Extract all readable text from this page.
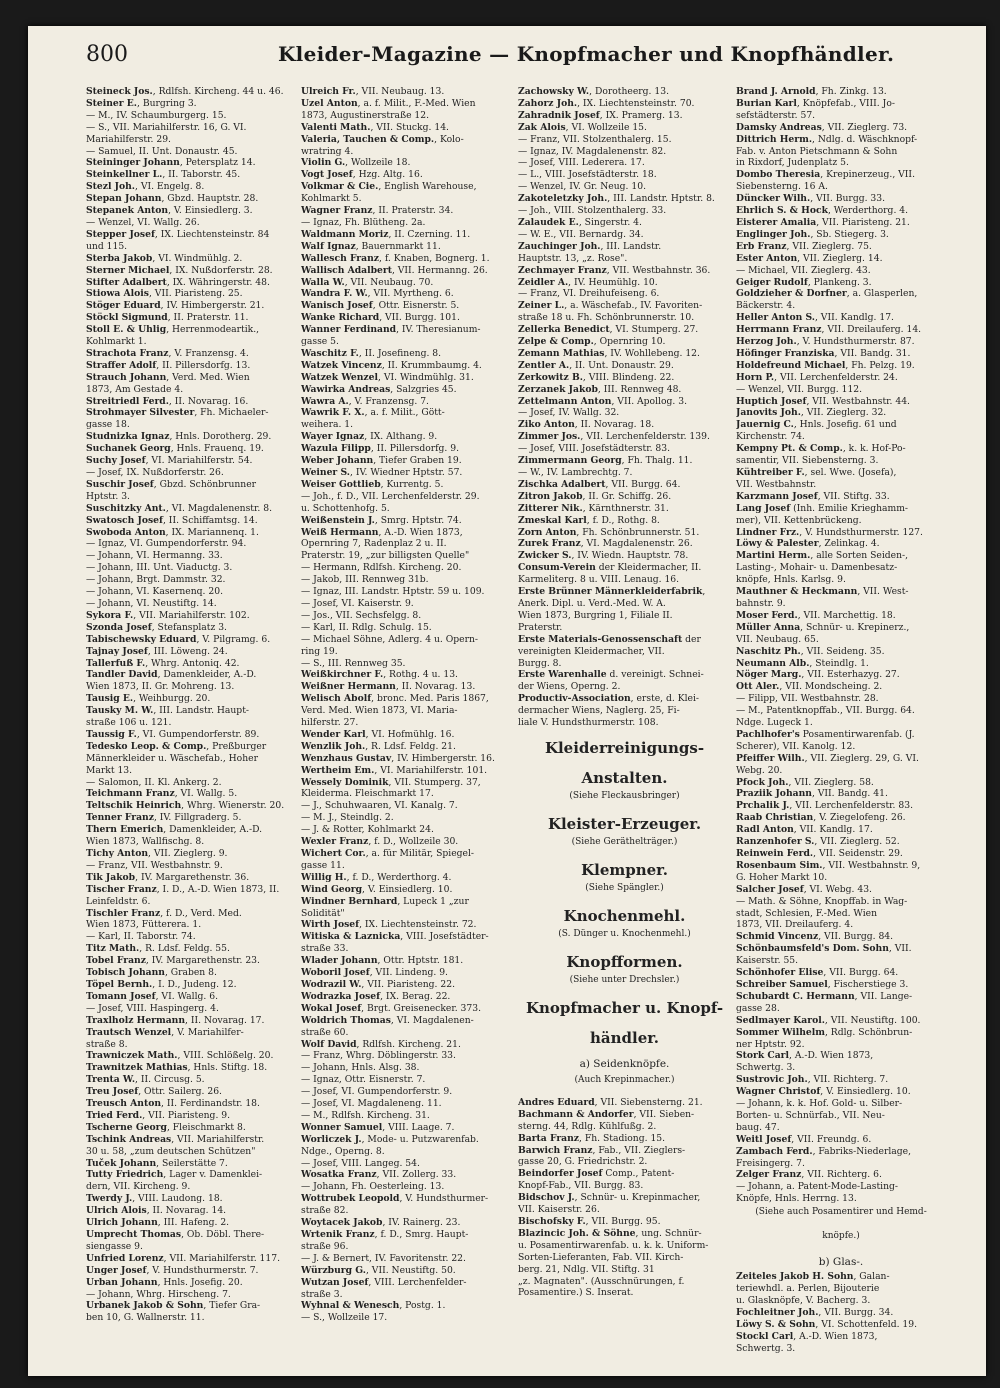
800	Kleider-Magazine — Knopfmacher und Knopfhändler.
Steineck Jos., Rdlfsh. Kircheng. 44 u. 46.
Steiner E., Burgring 3.
— M., IV. Schaumburgerg. 15.
— S., VII. Mariahilferstr. 16, G. VI.
Mariahilferstr. 29.
— Samuel, II. Unt. Donaustr. 45.
Steininger Johann, Petersplatz 14.
Steinkellner L., II. Taborstr. 45.
Stezl Joh., VI. Engelg. 8.
Stepan Johann, Gbzd. Hauptstr. 28.
Stepanek Anton, V. Einsiedlerg. 3.
— Wenzel, VI. Wallg. 26.
Stepper Josef, IX. Liechtensteinstr. 84
und 115.
Sterba Jakob, VI. Windmühlg. 2.
Sterner Michael, IX. Nußdorferstr. 28.
Stifter Adalbert, IX. Währingerstr. 48.
Stiowa Alois, VII. Piaristeng. 25.
Stöger Eduard, IV. Himbergerstr. 21.
Stöckl Sigmund, II. Praterstr. 11.
Stoll E. & Uhlig, Herrenmodeartik.,
Kohlmarkt 1.
Strachota Franz, V. Franzensg. 4.
Straffer Adolf, II. Pillersdorfg. 13.
Strauch Johann, Verd. Med. Wien
1873, Am Gestade 4.
Streitriedl Ferd., II. Novarag. 16.
Strohmayer Silvester, Fh. Michaeler-
gasse 18.
Studnizka Ignaz, Hnls. Dorotherg. 29.
Suchanek Georg, Hnls. Frauenq. 19.
Suchy Josef, VI. Mariahilferstr. 54.
— Josef, IX. Nußdorferstr. 26.
Suschir Josef, Gbzd. Schönbrunner
Hptstr. 3.
Suschitzky Ant., VI. Magdalenenstr. 8.
Swatosch Josef, II. Schiffamtsg. 14.
Swoboda Anton, IX. Mariannenq. 1.
— Ignaz, VI. Gumpendorferstr. 94.
— Johann, VI. Hermanng. 33.
— Johann, III. Unt. Viaductg. 3.
— Johann, Brgt. Dammstr. 32.
— Johann, VI. Kasernenq. 20.
— Johann, VI. Neustiftg. 14.
Sykora F., VII. Mariahilferstr. 102.
Szonda Josef, Stefansplatz 3.
Tabischewsky Eduard, V. Pilgramg. 6.
Tajnay Josef, III. Löweng. 24.
Tallerfuß F., Whrg. Antoniq. 42.
Tandler David, Damenkleider, A.-D.
Wien 1873, II. Gr. Mohreng. 13.
Tausig E., Weihburgg. 20.
Tausky M. W., III. Landstr. Haupt-
straße 106 u. 121.
Taussig F., VI. Gumpendorferstr. 89.
Tedesko Leop. & Comp., Preßburger
Männerkleider u. Wäschefab., Hoher
Markt 13.
— Salomon, II. Kl. Ankerg. 2.
Teichmann Franz, VI. Wallg. 5.
Teltschik Heinrich, Whrg. Wienerstr. 20.
Tenner Franz, IV. Fillgraderg. 5.
Thern Emerich, Damenkleider, A.-D.
Wien 1873, Wallfischg. 8.
Tichy Anton, VII. Zieglerg. 9.
— Franz, VII. Westbahnstr. 9.
Tik Jakob, IV. Margarethenstr. 36.
Tischer Franz, I. D., A.-D. Wien 1873, II.
Leinfeldstr. 6.
Tischler Franz, f. D., Verd. Med.
Wien 1873, Fütterera. 1.
— Karl, II. Taborstr. 74.
Titz Math., R. Ldsf. Feldg. 55.
Tobel Franz, IV. Margarethenstr. 23.
Tobisch Johann, Graben 8.
Töpel Bernh., I. D., Judeng. 12.
Tomann Josef, VI. Wallg. 6.
— Josef, VIII. Haspingerg. 4.
Traxlholz Hermann, II. Novarag. 17.
Trautsch Wenzel, V. Mariahilfer-
straße 8.
Trawniczek Math., VIII. Schlößelg. 20.
Trawnitzek Mathias, Hnls. Stiftg. 18.
Trenta W., II. Circusg. 5.
Treu Josef, Ottr. Sailerg. 26.
Treusch Anton, II. Ferdinandstr. 18.
Tried Ferd., VII. Piaristeng. 9.
Tscherne Georg, Fleischmarkt 8.
Tschink Andreas, VII. Mariahilferstr.
30 u. 58, „zum deutschen Schützen"
Tuček Johann, Seilerstätte 7.
Tutty Friedrich, Lager v. Damenklei-
dern, VII. Kircheng. 9.
Twerdy J., VIII. Laudong. 18.
Ulrich Alois, II. Novarag. 14.
Ulrich Johann, III. Hafeng. 2.
Umprecht Thomas, Ob. Döbl. There-
siengasse 9.
Unfried Lorenz, VII. Mariahilferstr. 117.
Unger Josef, V. Hundsthurmerstr. 7.
Urban Johann, Hnls. Josefig. 20.
— Johann, Whrg. Hirscheng. 7.
Urbanek Jakob & Sohn, Tiefer Gra-
ben 10, G. Wallnerstr. 11.
Ulreich Fr., VII. Neubaug. 13.
Uzel Anton, a. f. Milit., F.-Med. Wien
1873, Augustinerstraße 12.
Valenti Math., VII. Stuckg. 14.
Valeria, Tauchen & Comp., Kolo-
wratring 4.
Violin G., Wollzeile 18.
Vogt Josef, Hzg. Altg. 16.
Volkmar & Cie., English Warehouse,
Kohlmarkt 5.
Wagner Franz, II. Praterstr. 34.
— Ignaz, Fh. Blütheng. 2a.
Waldmann Moriz, II. Czerning. 11.
Walf Ignaz, Bauernmarkt 11.
Wallesch Franz, f. Knaben, Bognerg. 1.
Wallisch Adalbert, VII. Hermanng. 26.
Walla W., VII. Neubaug. 70.
Wandra F. W., VII. Myrtheng. 6.
Wanisch Josef, Ottr. Eisnerstr. 5.
Wanke Richard, VII. Burgg. 101.
Wanner Ferdinand, IV. Theresianum-
gasse 5.
Waschitz F., II. Josefineng. 8.
Watzek Vincenz, II. Krummbaumg. 4.
Watzek Wenzel, VI. Windmühlg. 31.
Wawirka Andreas, Salzgries 45.
Wawra A., V. Franzensg. 7.
Wawrik F. X., a. f. Milit., Gött-
weihera. 1.
Wayer Ignaz, IX. Althang. 9.
Wazula Filipp, II. Pillersdorfg. 9.
Weber Johann, Tiefer Graben 19.
Weiner S., IV. Wiedner Hptstr. 57.
Weiser Gottlieb, Kurrentg. 5.
— Joh., f. D., VII. Lerchenfelderstr. 29.
u. Schottenhofg. 5.
Weißenstein J., Smrg. Hptstr. 74.
Weiß Hermann, A.-D. Wien 1873,
Opernring 7, Radenplaz 2 u. II.
Praterstr. 19, „zur billigsten Quelle"
— Hermann, Rdlfsh. Kircheng. 20.
— Jakob, III. Rennweg 31b.
— Ignaz, III. Landstr. Hptstr. 59 u. 109.
— Josef, VI. Kaiserstr. 9.
— Jos., VII. Sechsfelgg. 8.
— Karl, II. Rdlg. Schulg. 15.
— Michael Söhne, Adlerg. 4 u. Opern-
ring 19.
— S., III. Rennweg 35.
Weißkirchner F., Rothg. 4 u. 13.
Weißner Hermann, II. Novarag. 13.
Welisch Abolf, bronc. Med. Paris 1867,
Verd. Med. Wien 1873, VI. Maria-
hilferstr. 27.
Wender Karl, VI. Hofmühlg. 16.
Wenzlik Joh., R. Ldsf. Feldg. 21.
Wenzhaus Gustav, IV. Himbergerstr. 16.
Wertheim Em., VI. Mariahilferstr. 101.
Wessely Dominik, VII. Stumperg. 37,
Kleiderma. Fleischmarkt 17.
— J., Schuhwaaren, VI. Kanalg. 7.
— M. J., Steindlg. 2.
— J. & Rotter, Kohlmarkt 24.
Wexler Franz, f. D., Wollzeile 30.
Wichert Cor., a. für Militär, Spiegel-
gasse 11.
Willig H., f. D., Werderthorg. 4.
Wind Georg, V. Einsiedlerg. 10.
Windner Bernhard, Lupeck 1 „zur
Solidität"
Wirth Josef, IX. Liechtensteinstr. 72.
Witiska & Laznicka, VIII. Josefstädter-
straße 33.
Wlader Johann, Ottr. Hptstr. 181.
Woboril Josef, VII. Lindeng. 9.
Wodrazil W., VII. Piaristeng. 22.
Wodrazka Josef, IX. Berag. 22.
Wokal Josef, Brgt. Greisenecker. 373.
Woldrich Thomas, VI. Magdalenen-
straße 60.
Wolf David, Rdlfsh. Kircheng. 21.
— Franz, Whrg. Döblingerstr. 33.
— Johann, Hnls. Alsg. 38.
— Ignaz, Ottr. Eisnerstr. 7.
— Josef, VI. Gumpendorferstr. 9.
— Josef, VI. Magdaleneng. 11.
— M., Rdlfsh. Kircheng. 31.
Wonner Samuel, VIII. Laage. 7.
Worliczek J., Mode- u. Putzwarenfab.
Ndge., Operng. 8.
— Josef, VIII. Langeg. 54.
Wosatka Franz, VII. Zollerg. 33.
— Johann, Fh. Oesterleing. 13.
Wottrubek Leopold, V. Hundsthurmer-
straße 82.
Woytacek Jakob, IV. Rainerg. 23.
Wrtenik Franz, f. D., Smrg. Haupt-
straße 96.
— J. & Bernert, IV. Favoritenstr. 22.
Würzburg G., VII. Neustiftg. 50.
Wutzan Josef, VIII. Lerchenfelder-
straße 3.
Wyhnal & Wenesch, Postg. 1.
— S., Wollzeile 17.
Zachowsky W., Dorotheerg. 13.
Zahorz Joh., IX. Liechtensteinstr. 70.
Zahradnik Josef, IX. Pramerg. 13.
Zak Alois, VI. Wollzeile 15.
— Franz, VII. Stolzenthalerg. 15.
— Ignaz, IV. Magdalenenstr. 82.
— Josef, VIII. Lederera. 17.
— L., VIII. Josefstädterstr. 18.
— Wenzel, IV. Gr. Neug. 10.
Zakoteletzky Joh., III. Landstr. Hptstr. 8.
— Joh., VIII. Stolzenthalerg. 33.
Zalaudek E., Singerstr. 4.
— W. E., VII. Bernardg. 34.
Zauchinger Joh., III. Landstr.
Hauptstr. 13, „z. Rose".
Zechmayer Franz, VII. Westbahnstr. 36.
Zeidler A., IV. Heumühlg. 10.
— Franz, VI. Dreihufeiseng. 6.
Zeiner L., a. Wäschefab., IV. Favoriten-
straße 18 u. Fh. Schönbrunnerstr. 10.
Zellerka Benedict, VI. Stumperg. 27.
Zelpe & Comp., Opernring 10.
Zemann Mathias, IV. Wohllebeng. 12.
Zentler A., II. Unt. Donaustr. 29.
Zerkowitz B., VIII. Blindeng. 22.
Zerzanek Jakob, III. Rennweg 48.
Zettelmann Anton, VII. Apollog. 3.
— Josef, IV. Wallg. 32.
Ziko Anton, II. Novarag. 18.
Zimmer Jos., VII. Lerchenfelderstr. 139.
— Josef, VIII. Josefstädterstr. 83.
Zimmermann Georg, Fh. Thalg. 11.
— W., IV. Lambrechtg. 7.
Zischka Adalbert, VII. Burgg. 64.
Zitron Jakob, II. Gr. Schiffg. 26.
Zitterer Nik., Kärnthnerstr. 31.
Zmeskal Karl, f. D., Rothg. 8.
Zorn Anton, Fh. Schönbrunnerstr. 51.
Zurek Franz, VI. Magdalenenstr. 26.
Zwicker S., IV. Wiedn. Hauptstr. 78.
Consum-Verein der Kleidermacher, II.
Karmeliterg. 8 u. VIII. Lenaug. 16.
Erste Brünner Männerkleiderfabrik,
Anerk. Dipl. u. Verd.-Med. W. A.
Wien 1873, Burgring 1, Filiale II.
Praterstr.
Erste Materials-Genossenschaft der
vereinigten Kleidermacher, VII.
Burgg. 8.
Erste Warenhalle d. vereinigt. Schnei-
der Wiens, Operng. 2.
Productiv-Association, erste, d. Klei-
dermacher Wiens, Naglerg. 25, Fi-
liale V. Hundsthurmerstr. 108.
Kleiderreinigungs-
Anstalten.
(Siehe Fleckausbringer)
Kleister-Erzeuger.
(Siehe Geräthelträger.)
Klempner.
(Siehe Spängler.)
Knochenmehl.
(S. Dünger u. Knochenmehl.)
Knopfformen.
(Siehe unter Drechsler.)
Knopfmacher u. Knopf-
händler.
a) Seidenknöpfe.
(Auch Krepinmacher.)
Andres Eduard, VII. Siebensterng. 21.
Bachmann & Andorfer, VII. Sieben-
sterng. 44, Rdlg. Kühlfußg. 2.
Barta Franz, Fh. Stadiong. 15.
Barwich Franz, Fab., VII. Zieglers-
gasse 20, G. Friedrichstr. 2.
Beindorfer Josef Comp., Patent-
Knopf-Fab., VII. Burgg. 83.
Bidschov J., Schnür- u. Krepinmacher,
VII. Kaiserstr. 26.
Bischofsky F., VII. Burgg. 95.
Blazincic Joh. & Söhne, ung. Schnür-
u. Posamentirwarenfab. u. k. k. Uniform-
Sorten-Lieferanten, Fab. VII. Kirch-
berg. 21, Ndlg. VII. Stiftg. 31
„z. Magnaten". (Ausschnürungen, f.
Posamentire.) S. Inserat.
Brand J. Arnold, Fh. Zinkg. 13.
Burian Karl, Knöpfefab., VIII. Jo-
sefstädterstr. 57.
Damsky Andreas, VII. Zieglerg. 73.
Dittrich Herm., Ndlg. d. Wäschknopf-
Fab. v. Anton Pietschmann & Sohn
in Rixdorf, Judenplatz 5.
Dombo Theresia, Krepinerzeug., VII.
Siebensterng. 16 A.
Düncker Wilh., VII. Burgg. 33.
Ehrlich S. & Hock, Werderthorg. 4.
Eisterer Amalia, VII. Piaristeng. 21.
Englinger Joh., Sb. Stiegerg. 3.
Erb Franz, VII. Zieglerg. 75.
Ester Anton, VII. Zieglerg. 14.
— Michael, VII. Zieglerg. 43.
Geiger Rudolf, Plankeng. 3.
Goldzieher & Dorfner, a. Glasperlen,
Bäckerstr. 4.
Heller Anton S., VII. Kandlg. 17.
Herrmann Franz, VII. Dreilauferg. 14.
Herzog Joh., V. Hundsthurmerstr. 87.
Höfinger Franziska, VII. Bandg. 31.
Holdefreund Michael, Fh. Pelzg. 19.
Horn P., VII. Lerchenfelderstr. 24.
— Wenzel, VII. Burgg. 112.
Huptich Josef, VII. Westbahnstr. 44.
Janovits Joh., VII. Zieglerg. 32.
Jauernig C., Hnls. Josefig. 61 und
Kirchenstr. 74.
Kempny Pt. & Comp., k. k. Hof-Po-
samentir, VII. Siebensterng. 3.
Kühtreiber F., sel. Wwe. (Josefa),
VII. Westbahnstr.
Karzmann Josef, VII. Stiftg. 33.
Lang Josef (Inh. Emilie Krieghamm-
mer), VII. Kettenbrückeng.
Lindner Frz., V. Hundsthurmerstr. 127.
Löwy & Palester, Zelinkag. 4.
Martini Herm., alle Sorten Seiden-,
Lasting-, Mohair- u. Damenbesatz-
knöpfe, Hnls. Karlsg. 9.
Mauthner & Heckmann, VII. West-
bahnstr. 9.
Moser Ferd., VII. Marchettig. 18.
Müller Anna, Schnür- u. Krepinerz.,
VII. Neubaug. 65.
Naschitz Ph., VII. Seideng. 35.
Neumann Alb., Steindlg. 1.
Nöger Marg., VII. Esterhazyg. 27.
Ott Aler., VII. Mondscheing. 2.
— Filipp, VII. Westbahnstr. 28.
— M., Patentknopffab., VII. Burgg. 64.
Ndge. Lugeck 1.
Pachlhofer's Posamentirwarenfab. (J.
Scherer), VII. Kanolg. 12.
Pfeiffer Wilh., VII. Zieglerg. 29, G. VI.
Webg. 20.
Pfock Joh., VII. Zieglerg. 58.
Praziik Johann, VII. Bandg. 41.
Prchalik J., VII. Lerchenfelderstr. 83.
Raab Christian, V. Ziegelofeng. 26.
Radl Anton, VII. Kandlg. 17.
Ranzenhofer S., VII. Zieglerg. 52.
Reinwein Ferd., VII. Seidenstr. 29.
Rosenbaum Sim., VII. Westbahnstr. 9,
G. Hoher Markt 10.
Salcher Josef, VI. Webg. 43.
— Math. & Söhne, Knopffab. in Wag-
stadt, Schlesien, F.-Med. Wien
1873, VII. Dreilauferg. 4.
Schmid Vincenz, VII. Burgg. 84.
Schönbaumsfeld's Dom. Sohn, VII.
Kaiserstr. 55.
Schönhofer Elise, VII. Burgg. 64.
Schreiber Samuel, Fischerstiege 3.
Schubardt C. Hermann, VII. Lange-
gasse 28.
Sedlmayer Karol., VII. Neustiftg. 100.
Sommer Wilhelm, Rdlg. Schönbrun-
ner Hptstr. 92.
Stork Carl, A.-D. Wien 1873,
Schwertg. 3.
Sustrovic Joh., VII. Richterg. 7.
Wagner Christof, V. Einsiedlerg. 10.
— Johann, k. k. Hof. Gold- u. Silber-
Borten- u. Schnürfab., VII. Neu-
baug. 47.
Weitl Josef, VII. Freundg. 6.
Zambach Ferd., Fabriks-Niederlage,
Freisingerg. 7.
Zelger Franz, VII. Richterg. 6.
— Johann, a. Patent-Mode-Lasting-
Knöpfe, Hnls. Herrng. 13.
(Siehe auch Posamentirer und Hemd-
knöpfe.)
b) Glas-.
Zeiteles Jakob H. Sohn, Galan-
teriewhdl. a. Perlen, Bijouterie
u. Glasknöpfe, V. Bacherg. 3.
Fochleitner Joh., VII. Burgg. 34.
Löwy S. & Sohn, VI. Schottenfeld. 19.
Stockl Carl, A.-D. Wien 1873,
Schwertg. 3.
